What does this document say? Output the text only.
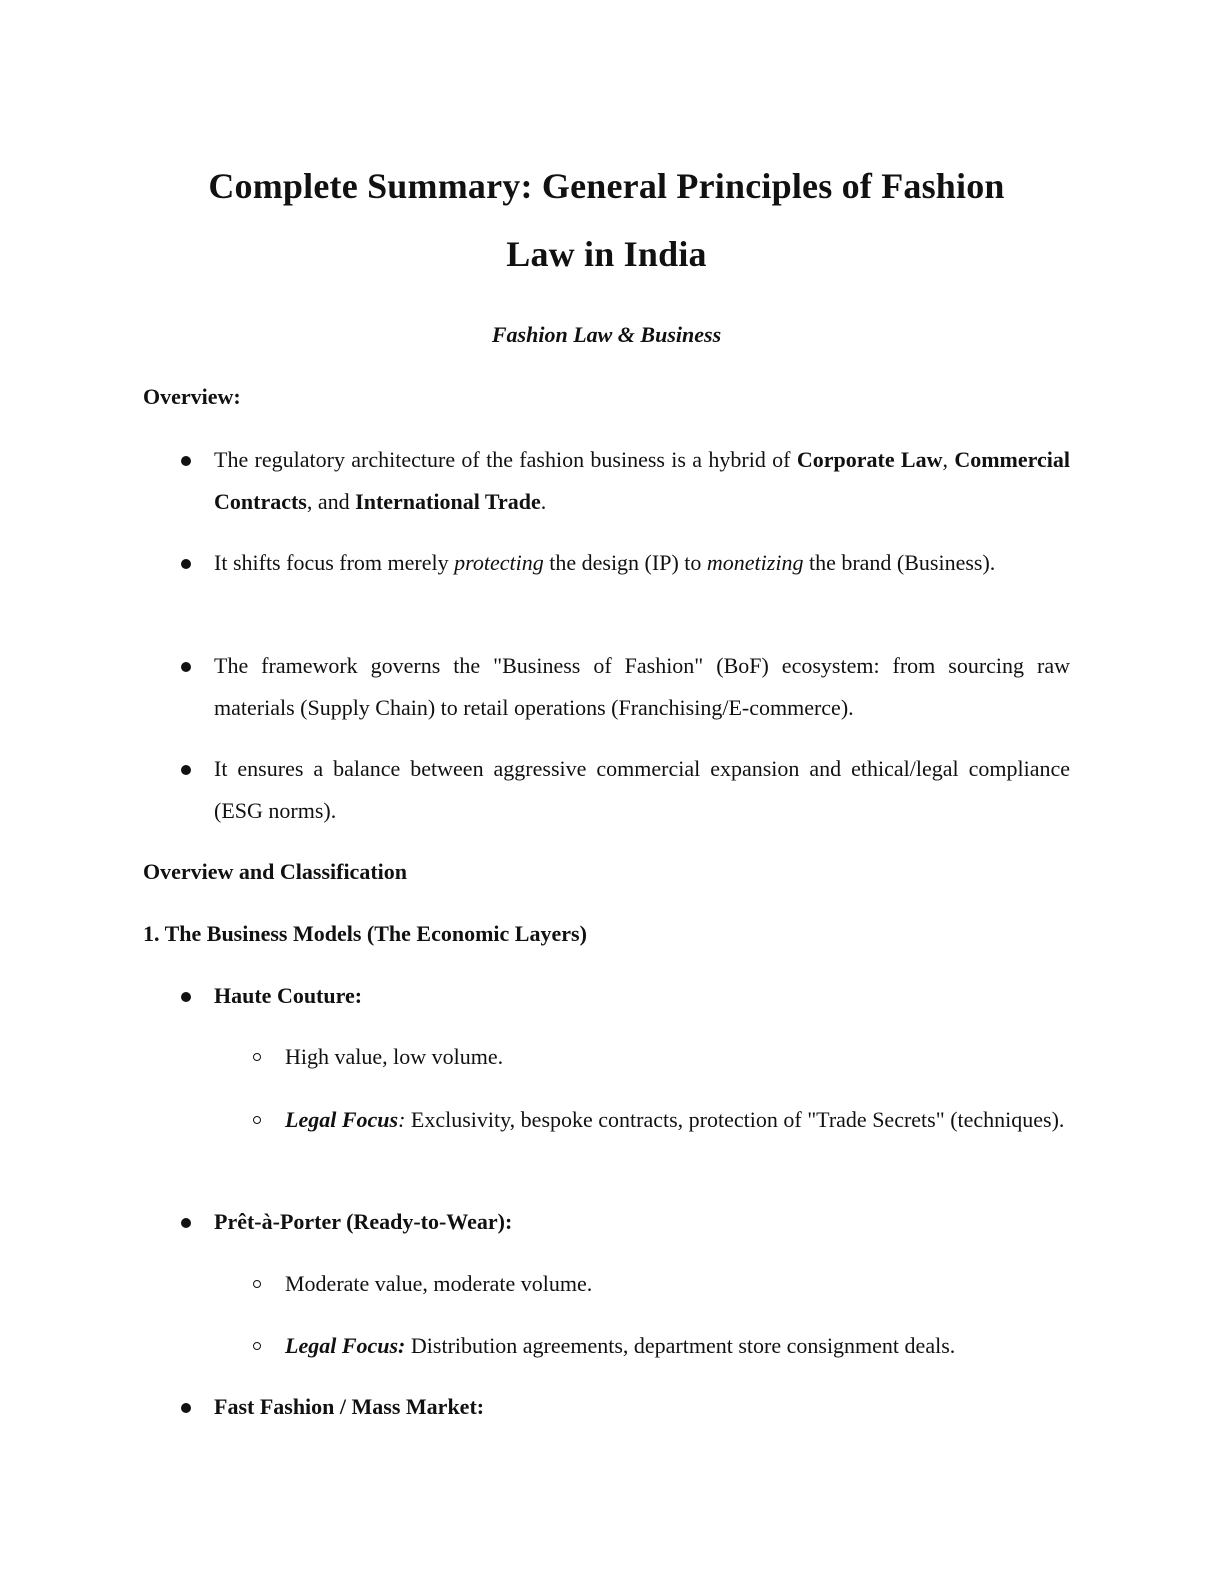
Complete Summary: General Principles of Fashion
Law in India
Fashion Law & Business
Overview:
The regulatory architecture of the fashion business is a hybrid of Corporate Law, Commercial Contracts, and International Trade.
It shifts focus from merely protecting the design (IP) to monetizing the brand (Business).
The framework governs the "Business of Fashion" (BoF) ecosystem: from sourcing raw materials (Supply Chain) to retail operations (Franchising/E-commerce).
It ensures a balance between aggressive commercial expansion and ethical/legal compliance (ESG norms).
Overview and Classification
1. The Business Models (The Economic Layers)
Haute Couture:
High value, low volume.
Legal Focus: Exclusivity, bespoke contracts, protection of "Trade Secrets" (techniques).
Prêt-à-Porter (Ready-to-Wear):
Moderate value, moderate volume.
Legal Focus: Distribution agreements, department store consignment deals.
Fast Fashion / Mass Market:
